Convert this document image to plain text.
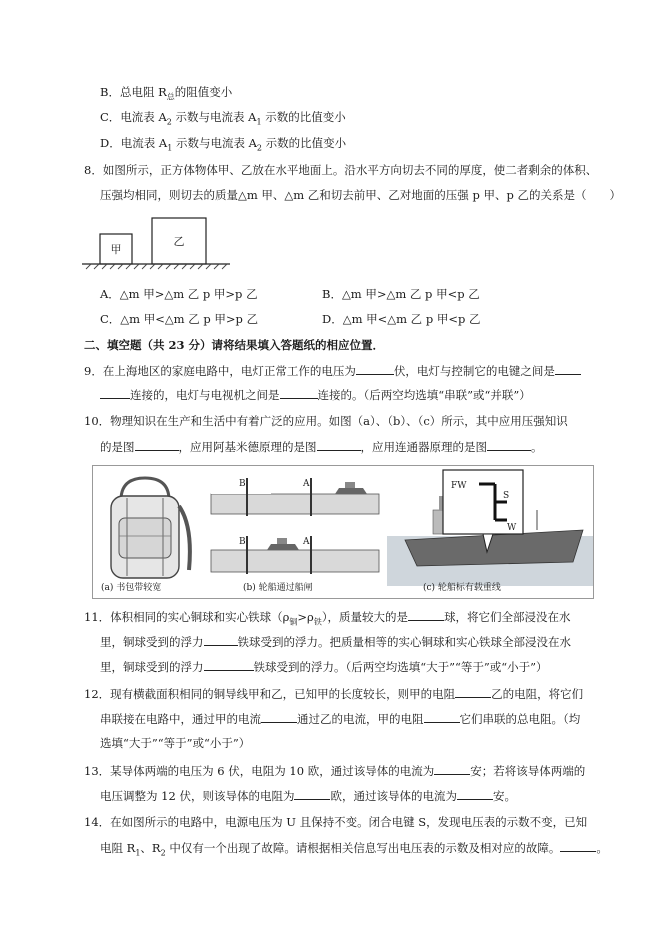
B．总电阻 $R_总$的阻值变小
C．电流表 $A_2$ 示数与电流表 $A_1$ 示数的比值变小
D．电流表 $A_1$ 示数与电流表 $A_2$ 示数的比值变小
8．如图所示，正方体物体甲、乙放在水平地面上。沿水平方向切去不同的厚度，使二者剩余的体积、
压强均相同，则切去的质量△m 甲、△m 乙和切去前甲、乙对地面的压强 p 甲、p 乙的关系是（　　）
甲
乙
A．△m 甲>△m 乙 p 甲>p 乙	B．△m 甲>△m 乙 p 甲<p 乙
C．△m 甲<△m 乙 p 甲>p 乙	D．△m 甲<△m 乙 p 甲<p 乙
二、填空题（共 23 分）请将结果填入答题纸的相应位置．
9．在上海地区的家庭电路中，电灯正常工作的电压为	伏，电灯与控制它的电键之间是
连接的，电灯与电视机之间是	连接的。（后两空均选填“串联”或“并联”）
10．物理知识在生产和生活中有着广泛的应用。如图（a）、（b）、（c）所示，其中应用压强知识
的是图	，应用阿基米德原理的是图	，应用连通器原理的是图	。
(a) 书包带较宽
B	A
B	A
(b) 轮船通过船闸
FW
S
W
(c) 轮船标有载重线
11．体积相同的实心铜球和实心铁球$(\rho_铜>\rho_铁)$，质量较大的是	球，将它们全部浸没在水
里，铜球受到的浮力	铁球受到的浮力。把质量相等的实心铜球和实心铁球全部浸没在水
里，铜球受到的浮力	铁球受到的浮力。（后两空均选填“大于”“等于”或“小于”）
12．现有横截面积相同的铜导线甲和乙，已知甲的长度较长，则甲的电阻	乙的电阻，将它们
串联接在电路中，通过甲的电流	通过乙的电流，甲的电阻	它们串联的总电阻。（均
选填“大于”“等于”或“小于”）
13．某导体两端的电压为 6 伏，电阻为 10 欧，通过该导体的电流为	安；若将该导体两端的
电压调整为 12 伏，则该导体的电阻为	欧，通过该导体的电流为	安。
14．在如图所示的电路中，电源电压为 U 且保持不变。闭合电键 S，发现电压表的示数不变，已知
电阻 $R_1$、$R_2$ 中仅有一个出现了故障。请根据相关信息写出电压表的示数及相对应的故障。	。
